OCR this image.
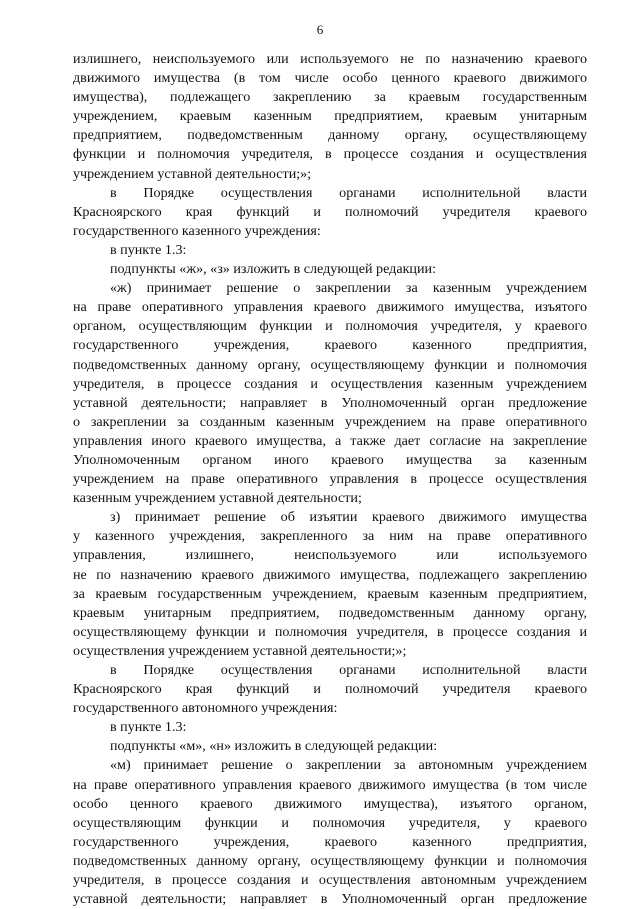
6
излишнего, неиспользуемого или используемого не по назначению краевого
движимого имущества (в том числе особо ценного краевого движимого
имущества), подлежащего закреплению за краевым государственным
учреждением, краевым казенным предприятием, краевым унитарным
предприятием, подведомственным данному органу, осуществляющему
функции и полномочия учредителя, в процессе создания и осуществления
учреждением уставной деятельности;»;
в Порядке осуществления органами исполнительной власти
Красноярского края функций и полномочий учредителя краевого
государственного казенного учреждения:
в пункте 1.3:
подпункты «ж», «з» изложить в следующей редакции:
«ж) принимает решение о закреплении за казенным учреждением
на праве оперативного управления краевого движимого имущества, изъятого
органом, осуществляющим функции и полномочия учредителя, у краевого
государственного учреждения, краевого казенного предприятия,
подведомственных данному органу, осуществляющему функции и полномочия
учредителя, в процессе создания и осуществления казенным учреждением
уставной деятельности; направляет в Уполномоченный орган предложение
о закреплении за созданным казенным учреждением на праве оперативного
управления иного краевого имущества, а также дает согласие на закрепление
Уполномоченным органом иного краевого имущества за казенным
учреждением на праве оперативного управления в процессе осуществления
казенным учреждением уставной деятельности;
з) принимает решение об изъятии краевого движимого имущества
у казенного учреждения, закрепленного за ним на праве оперативного
управления, излишнего, неиспользуемого или используемого
не по назначению краевого движимого имущества, подлежащего закреплению
за краевым государственным учреждением, краевым казенным предприятием,
краевым унитарным предприятием, подведомственным данному органу,
осуществляющему функции и полномочия учредителя, в процессе создания и
осуществления учреждением уставной деятельности;»;
в Порядке осуществления органами исполнительной власти
Красноярского края функций и полномочий учредителя краевого
государственного автономного учреждения:
в пункте 1.3:
подпункты «м», «н» изложить в следующей редакции:
«м) принимает решение о закреплении за автономным учреждением
на праве оперативного управления краевого движимого имущества (в том числе
особо ценного краевого движимого имущества), изъятого органом,
осуществляющим функции и полномочия учредителя, у краевого
государственного учреждения, краевого казенного предприятия,
подведомственных данному органу, осуществляющему функции и полномочия
учредителя, в процессе создания и осуществления автономным учреждением
уставной деятельности; направляет в Уполномоченный орган предложение
